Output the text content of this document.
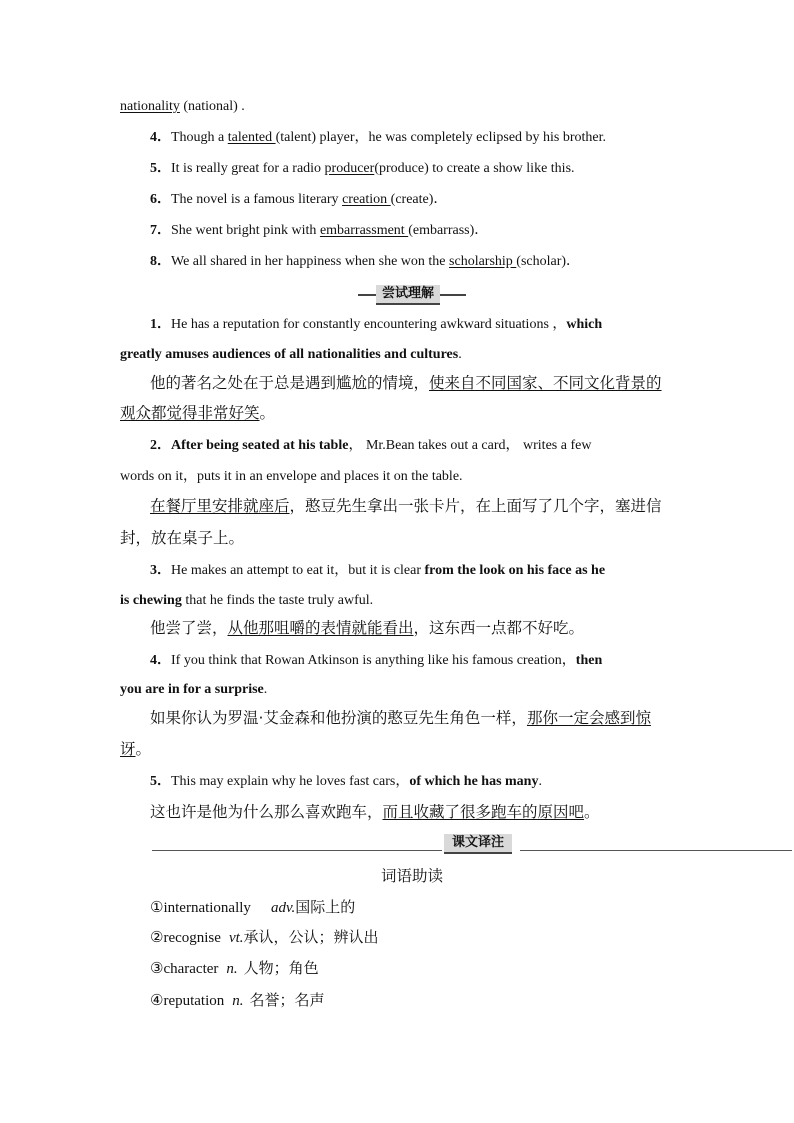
nationality (national) .
4．Though a talented (talent) player，he was completely eclipsed by his brother.
5．It is really great for a radio producer(produce) to create a show like this.
6．The novel is a famous literary creation (create)．
7．She went bright pink with embarrassment (embarrass)．
8．We all shared in her happiness when she won the scholarship (scholar)．
尝试理解
1．He has a reputation for constantly encountering awkward situations ，which
greatly amuses audiences of all nationalities and cultures.
他的著名之处在于总是遇到尴尬的情境，使来自不同国家、不同文化背景的
观众都觉得非常好笑。
2．After being seated at his table， Mr.Bean takes out a card， writes a few
words on it，puts it in an envelope and places it on the table.
在餐厅里安排就座后，憨豆先生拿出一张卡片，在上面写了几个字，塞进信
封，放在桌子上。
3．He makes an attempt to eat it，but it is clear from the look on his face as he
is chewing that he finds the taste truly awful.
他尝了尝，从他那咀嚼的表情就能看出，这东西一点都不好吃。
4．If you think that Rowan Atkinson is anything like his famous creation，then
you are in for a surprise.
如果你认为罗温·艾金森和他扮演的憨豆先生角色一样，那你一定会感到惊
讶。
5．This may explain why he loves fast cars，of which he has many.
这也许是他为什么那么喜欢跑车，而且收藏了很多跑车的原因吧。
课文译注
词语助读
①internationally adv.国际上的
②recognise vt.承认，公认；辨认出
③character n. 人物；角色
④reputation n. 名誉；名声
